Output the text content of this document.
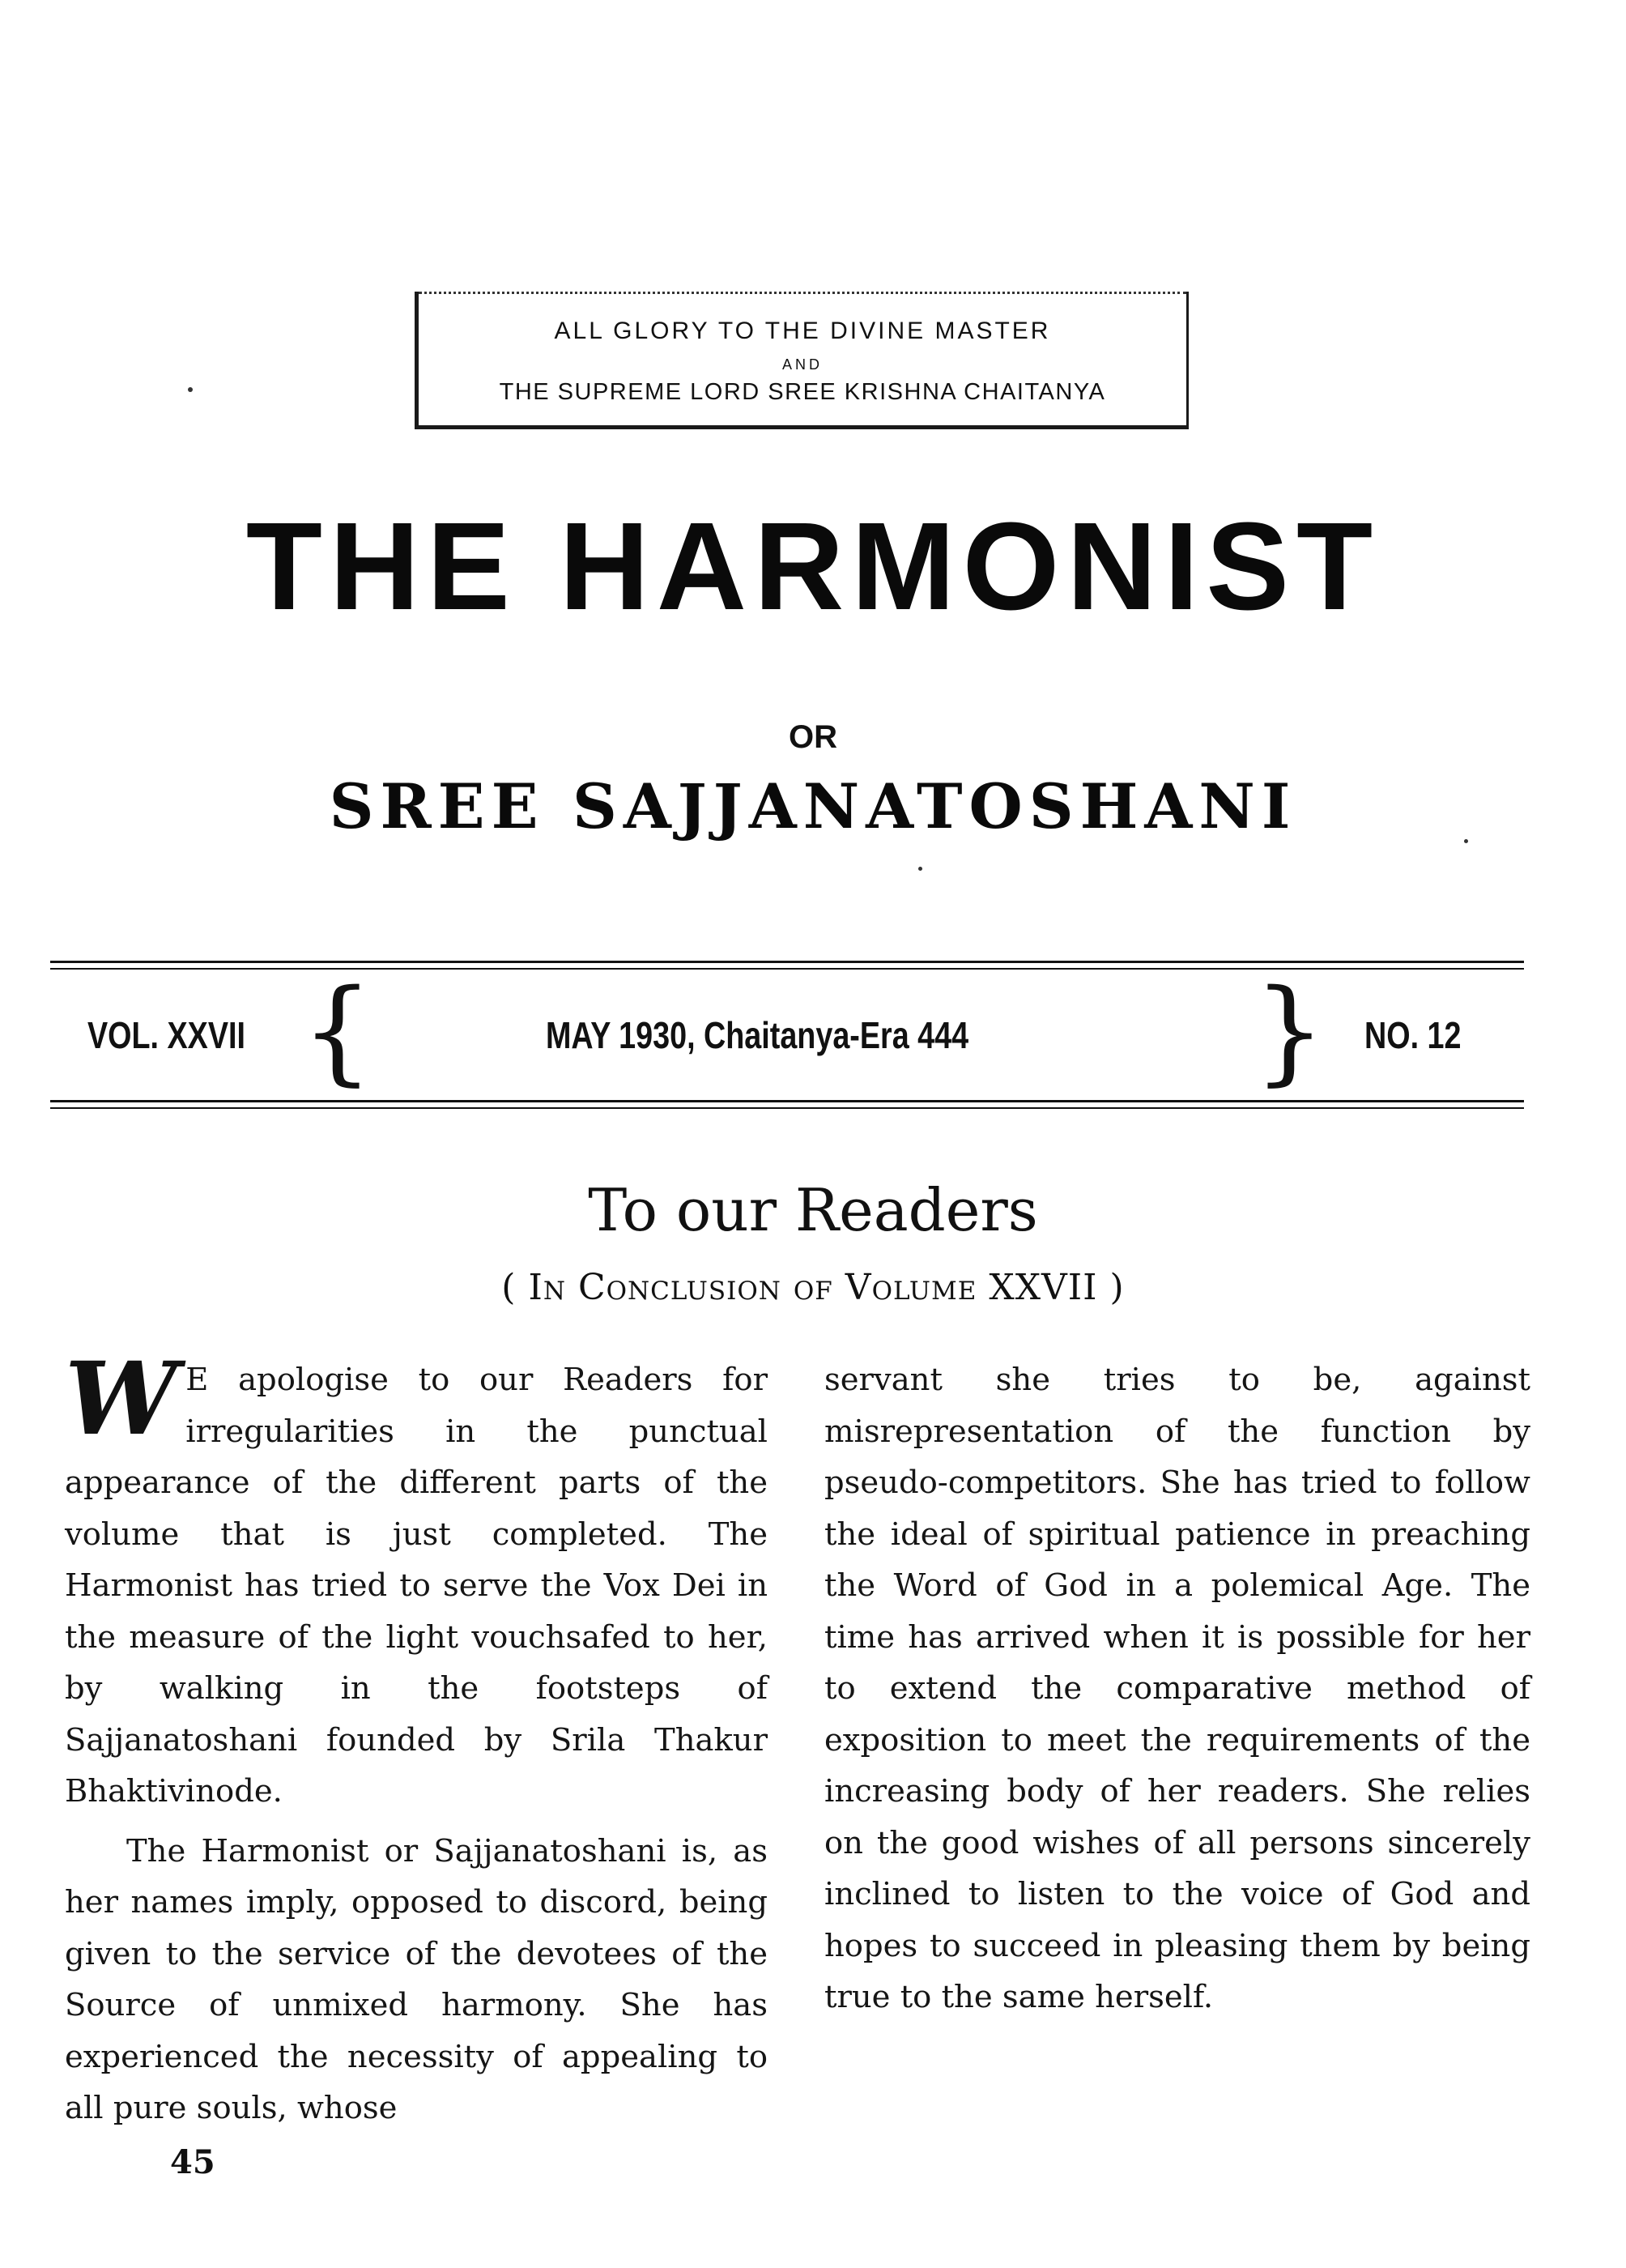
ALL GLORY TO THE DIVINE MASTER
AND
THE SUPREME LORD SREE KRISHNA CHAITANYA
THE HARMONIST
OR
SREE SAJJANATOSHANI
VOL. XXVII {	MAY 1930, Chaitanya-Era 444	} NO. 12
To our Readers
( In Conclusion of Volume XXVII )

W E apologise to our Readers for irregularities in the punctual appearance of the different parts of the volume that is just completed. The Harmonist has tried to serve the Vox Dei in the measure of the light vouchsafed to her, by walking in the footsteps of Sajjanatoshani founded by Srila Thakur Bhaktivinode.

The Harmonist or Sajjanatoshani is, as her names imply, opposed to discord, being given to the service of the devotees of the Source of unmixed harmony. She has experienced the necessity of appealing to all pure souls, whose

servant she tries to be, against misrepresentation of the function by pseudo-competitors. She has tried to follow the ideal of spiritual patience in preaching the Word of God in a polemical Age. The time has arrived when it is possible for her to extend the comparative method of exposition to meet the requirements of the increasing body of her readers. She relies on the good wishes of all persons sincerely inclined to listen to the voice of God and hopes to succeed in pleasing them by being true to the same herself.

45
